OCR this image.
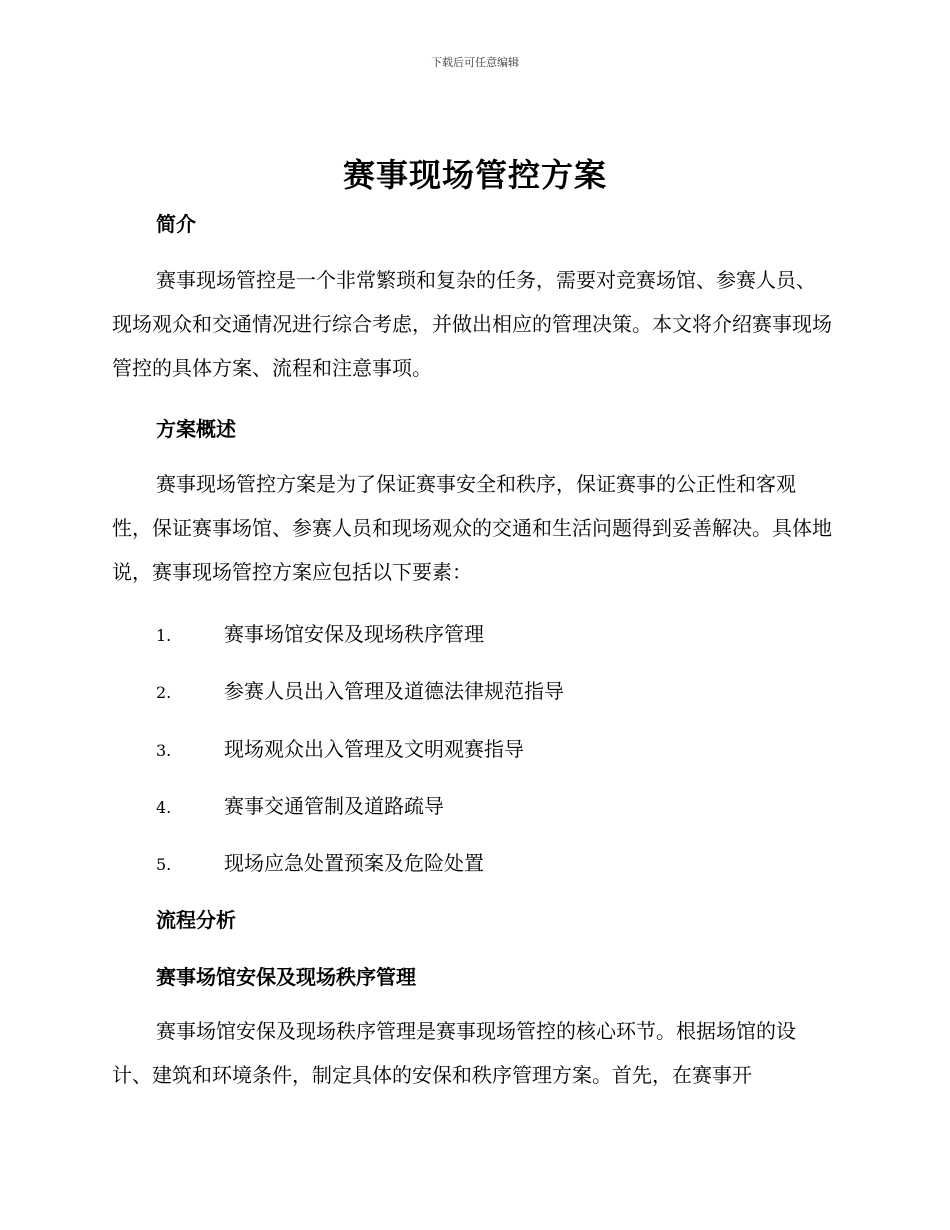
下载后可任意编辑
赛事现场管控方案
简介

赛事现场管控是一个非常繁琐和复杂的任务，需要对竞赛场馆、参赛人员、现场观众和交通情况进行综合考虑，并做出相应的管理决策。本文将介绍赛事现场管控的具体方案、流程和注意事项。

方案概述

赛事现场管控方案是为了保证赛事安全和秩序，保证赛事的公正性和客观性，保证赛事场馆、参赛人员和现场观众的交通和生活问题得到妥善解决。具体地说，赛事现场管控方案应包括以下要素：

1.	赛事场馆安保及现场秩序管理
2.	参赛人员出入管理及道德法律规范指导
3.	现场观众出入管理及文明观赛指导
4.	赛事交通管制及道路疏导
5.	现场应急处置预案及危险处置
流程分析
赛事场馆安保及现场秩序管理

赛事场馆安保及现场秩序管理是赛事现场管控的核心环节。根据场馆的设计、建筑和环境条件，制定具体的安保和秩序管理方案。首先，在赛事开
